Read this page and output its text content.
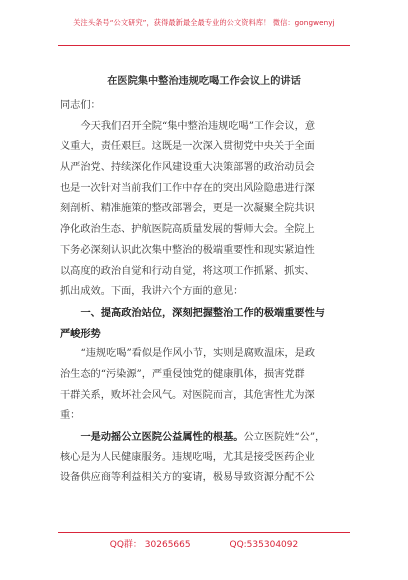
关注头条号“公文研究”，获得最新最全最专业的公文资料库！ 微信：gongwenyj
在医院集中整治违规吃喝工作会议上的讲话
同志们：
今天我们召开全院“集中整治违规吃喝”工作会议，意
义重大，责任艰巨。这既是一次深入贯彻党中央关于全面
从严治党、持续深化作风建设重大决策部署的政治动员会
也是一次针对当前我们工作中存在的突出风险隐患进行深
刻剖析、精准施策的整改部署会，更是一次凝聚全院共识
净化政治生态、护航医院高质量发展的誓师大会。全院上
下务必深刻认识此次集中整治的极端重要性和现实紧迫性
以高度的政治自觉和行动自觉，将这项工作抓紧、抓实、
抓出成效。下面，我讲六个方面的意见：
一、提高政治站位，深刻把握整治工作的极端重要性与
严峻形势
“违规吃喝”看似是作风小节，实则是腐败温床，是政
治生态的“污染源”，严重侵蚀党的健康肌体，损害党群
干群关系，败坏社会风气。对医院而言，其危害性尤为深
重：
一是动摇公立医院公益属性的根基。公立医院姓“公”，
核心是为人民健康服务。违规吃喝，尤其是接受医药企业
设备供应商等利益相关方的宴请，极易导致资源分配不公
QQ群： 30265665	QQ:535304092
